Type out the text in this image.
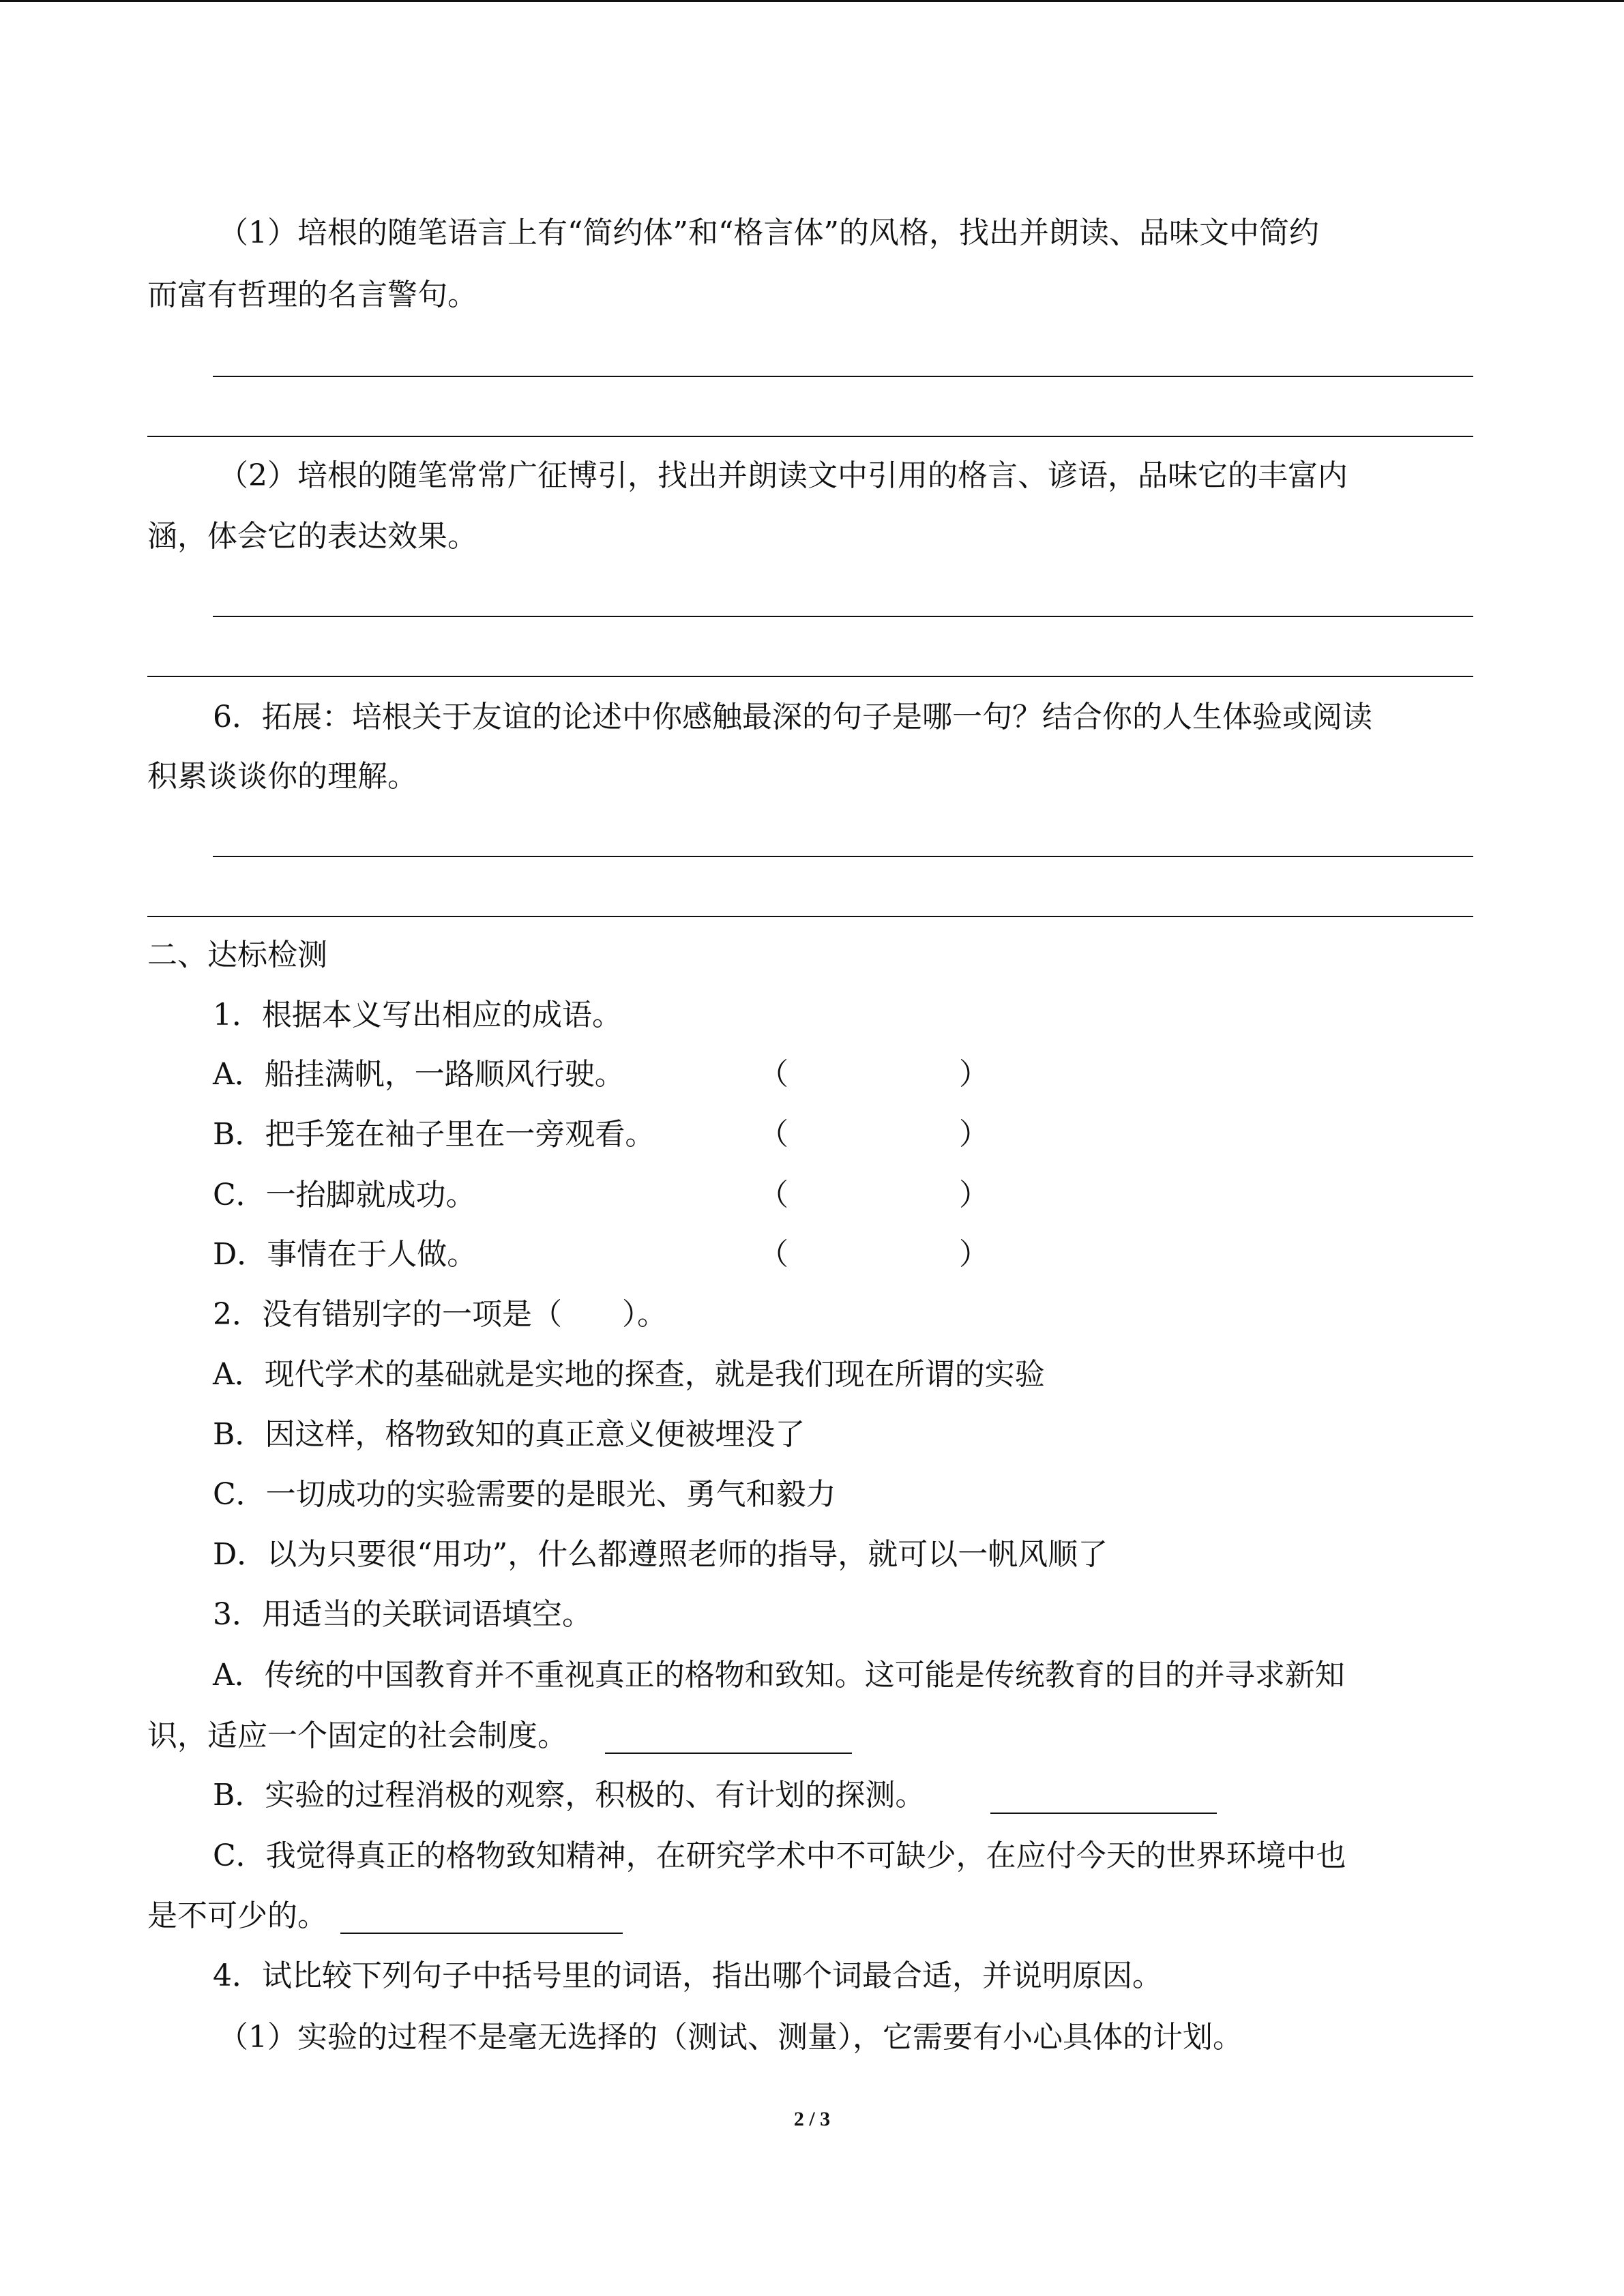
（1）培根的随笔语言上有“简约体”和“格言体”的风格，找出并朗读、品味文中简约

而富有哲理的名言警句。

（2）培根的随笔常常广征博引，找出并朗读文中引用的格言、谚语，品味它的丰富内

涵，体会它的表达效果。

6．拓展：培根关于友谊的论述中你感触最深的句子是哪一句？结合你的人生体验或阅读

积累谈谈你的理解。

二、达标检测

1．根据本义写出相应的成语。

A．船挂满帆，一路顺风行驶。	（	）

B．把手笼在袖子里在一旁观看。	（	）

C．一抬脚就成功。	（	）

D．事情在于人做。	（	）

2．没有错别字的一项是（　　）。

A．现代学术的基础就是实地的探查，就是我们现在所谓的实验

B．因这样，格物致知的真正意义便被埋没了

C．一切成功的实验需要的是眼光、勇气和毅力

D．以为只要很“用功”，什么都遵照老师的指导，就可以一帆风顺了

3．用适当的关联词语填空。

A．传统的中国教育并不重视真正的格物和致知。这可能是传统教育的目的并寻求新知

识，适应一个固定的社会制度。

B．实验的过程消极的观察，积极的、有计划的探测。

C．我觉得真正的格物致知精神，在研究学术中不可缺少，在应付今天的世界环境中也

是不可少的。

4．试比较下列句子中括号里的词语，指出哪个词最合适，并说明原因。

（1）实验的过程不是毫无选择的（测试、测量），它需要有小心具体的计划。

2 / 3
